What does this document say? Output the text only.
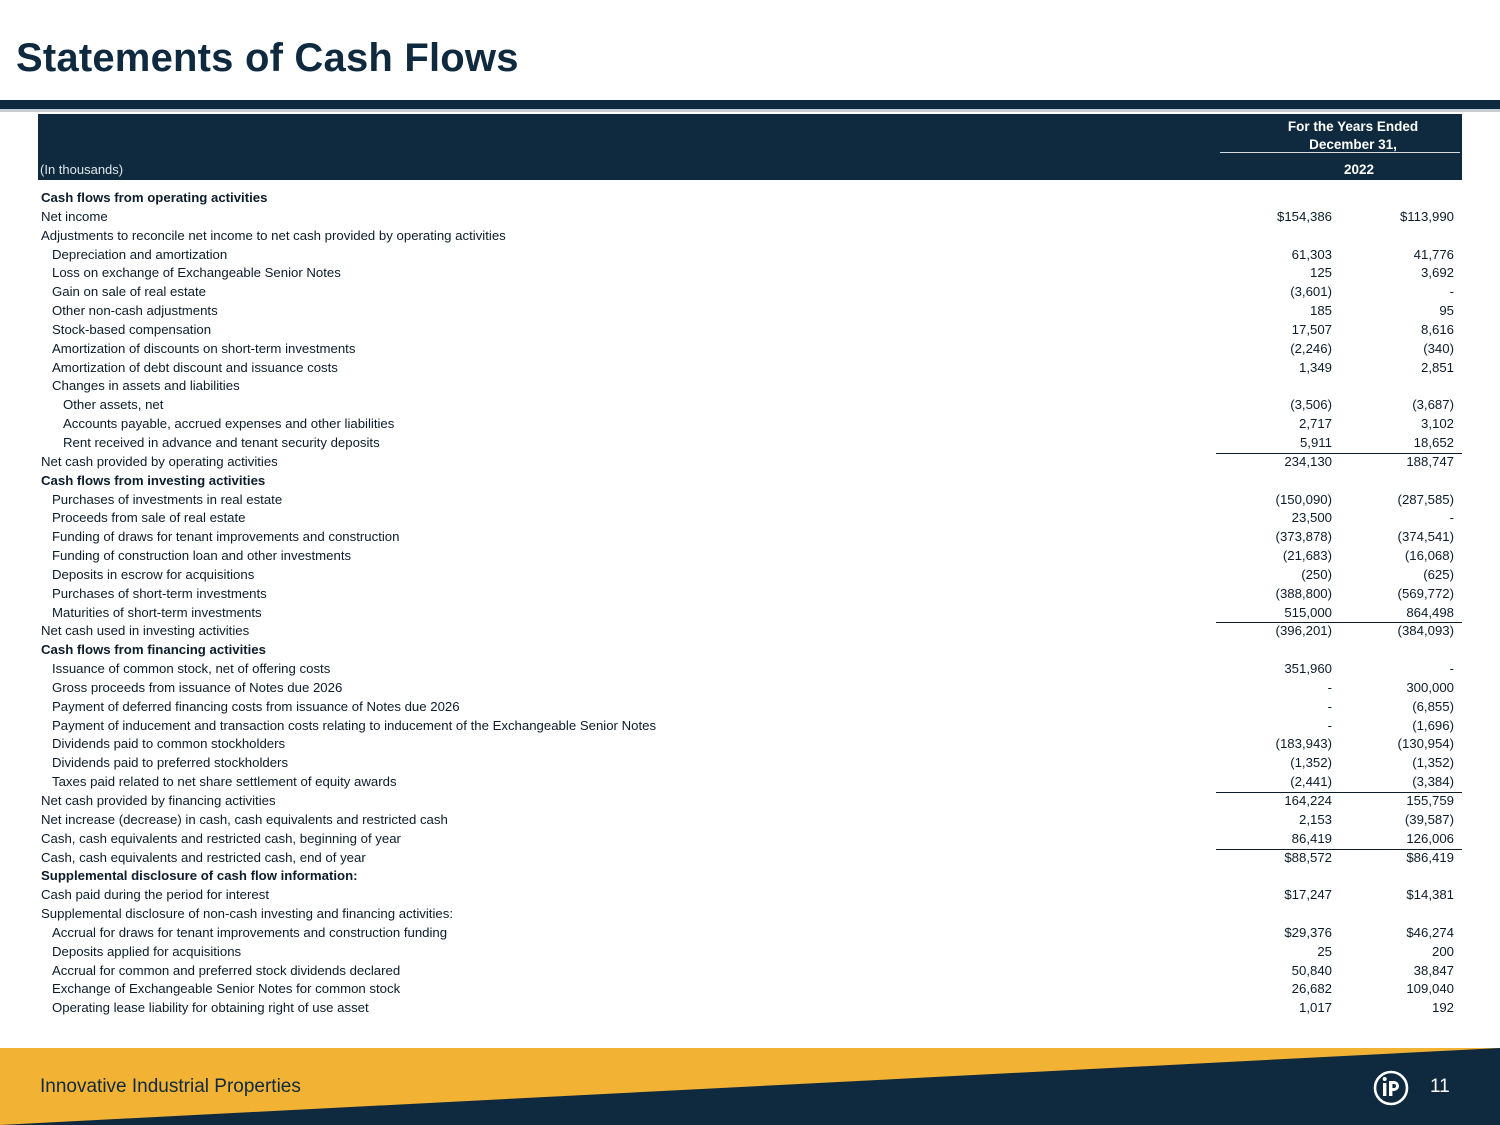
Statements of Cash Flows
For the Years Ended
December 31,
(In thousands)	2022	2021
Cash flows from operating activities
Net income	$154,386	$113,990
Adjustments to reconcile net income to net cash provided by operating activities
Depreciation and amortization	61,303	41,776
Loss on exchange of Exchangeable Senior Notes	125	3,692
Gain on sale of real estate	(3,601)	-
Other non-cash adjustments	185	95
Stock-based compensation	17,507	8,616
Amortization of discounts on short-term investments	(2,246)	(340)
Amortization of debt discount and issuance costs	1,349	2,851
Changes in assets and liabilities
Other assets, net	(3,506)	(3,687)
Accounts payable, accrued expenses and other liabilities	2,717	3,102
Rent received in advance and tenant security deposits	5,911	18,652
Net cash provided by operating activities	234,130	188,747
Cash flows from investing activities
Purchases of investments in real estate	(150,090)	(287,585)
Proceeds from sale of real estate	23,500	-
Funding of draws for tenant improvements and construction	(373,878)	(374,541)
Funding of construction loan and other investments	(21,683)	(16,068)
Deposits in escrow for acquisitions	(250)	(625)
Purchases of short-term investments	(388,800)	(569,772)
Maturities of short-term investments	515,000	864,498
Net cash used in investing activities	(396,201)	(384,093)
Cash flows from financing activities
Issuance of common stock, net of offering costs	351,960	-
Gross proceeds from issuance of Notes due 2026	-	300,000
Payment of deferred financing costs from issuance of Notes due 2026	-	(6,855)
Payment of inducement and transaction costs relating to inducement of the Exchangeable Senior Notes	-	(1,696)
Dividends paid to common stockholders	(183,943)	(130,954)
Dividends paid to preferred stockholders	(1,352)	(1,352)
Taxes paid related to net share settlement of equity awards	(2,441)	(3,384)
Net cash provided by financing activities	164,224	155,759
Net increase (decrease) in cash, cash equivalents and restricted cash	2,153	(39,587)
Cash, cash equivalents and restricted cash, beginning of year	86,419	126,006
Cash, cash equivalents and restricted cash, end of year	$88,572	$86,419
Supplemental disclosure of cash flow information:
Cash paid during the period for interest	$17,247	$14,381
Supplemental disclosure of non-cash investing and financing activities:
Accrual for draws for tenant improvements and construction funding	$29,376	$46,274
Deposits applied for acquisitions	25	200
Accrual for common and preferred stock dividends declared	50,840	38,847
Exchange of Exchangeable Senior Notes for common stock	26,682	109,040
Operating lease liability for obtaining right of use asset	1,017	192
Innovative Industrial Properties	11
